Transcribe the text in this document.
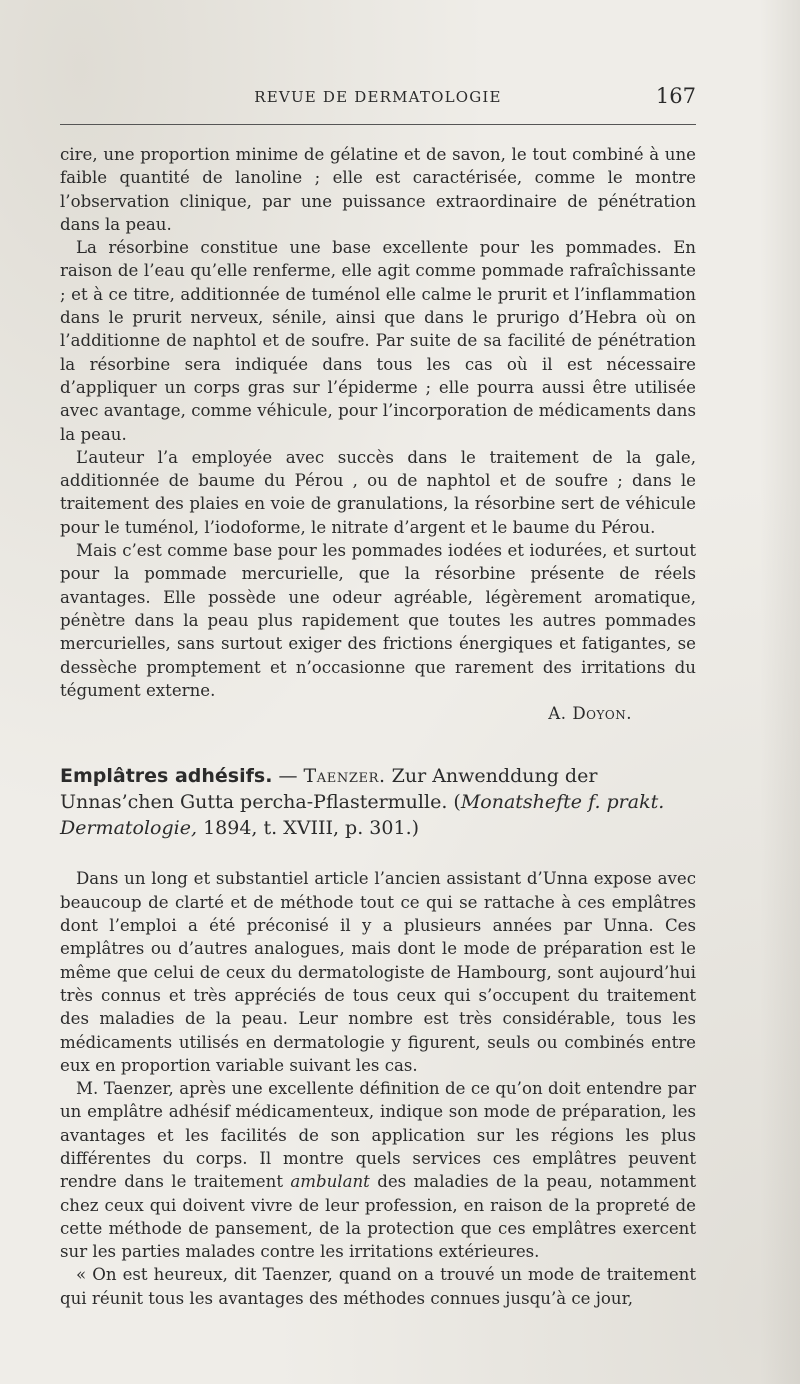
REVUE DE DERMATOLOGIE	167

cire, une proportion minime de gélatine et de savon, le tout combiné à une faible quantité de lanoline ; elle est caractérisée, comme le montre l’observation clinique, par une puissance extraordinaire de pénétration dans la peau.

La résorbine constitue une base excellente pour les pommades. En raison de l’eau qu’elle renferme, elle agit comme pommade rafraîchissante ; et à ce titre, additionnée de tuménol elle calme le prurit et l’inflammation dans le prurit nerveux, sénile, ainsi que dans le prurigo d’Hebra où on l’additionne de naphtol et de soufre. Par suite de sa facilité de pénétration la résorbine sera indiquée dans tous les cas où il est nécessaire d’appliquer un corps gras sur l’épiderme ; elle pourra aussi être utilisée avec avantage, comme véhicule, pour l’incorporation de médicaments dans la peau.

L’auteur l’a employée avec succès dans le traitement de la gale, additionnée de baume du Pérou , ou de naphtol et de soufre ; dans le traitement des plaies en voie de granulations, la résorbine sert de véhicule pour le tuménol, l’iodoforme, le nitrate d’argent et le baume du Pérou.

Mais c’est comme base pour les pommades iodées et iodurées, et surtout pour la pommade mercurielle, que la résorbine présente de réels avantages. Elle possède une odeur agréable, légèrement aromatique, pénètre dans la peau plus rapidement que toutes les autres pommades mercurielles, sans surtout exiger des frictions énergiques et fatigantes, se dessèche promptement et n’occasionne que rarement des irritations du tégument externe.

A. Doyon.

Emplâtres adhésifs. — Taenzer. Zur Anwenddung der Unnas’chen Gutta percha-Pflastermulle. (Monatshefte f. prakt. Dermatologie, 1894, t. XVIII, p. 301.)

Dans un long et substantiel article l’ancien assistant d’Unna expose avec beaucoup de clarté et de méthode tout ce qui se rattache à ces emplâtres dont l’emploi a été préconisé il y a plusieurs années par Unna. Ces emplâtres ou d’autres analogues, mais dont le mode de préparation est le même que celui de ceux du dermatologiste de Hambourg, sont aujourd’hui très connus et très appréciés de tous ceux qui s’occupent du traitement des maladies de la peau. Leur nombre est très considérable, tous les médicaments utilisés en dermatologie y figurent, seuls ou combinés entre eux en proportion variable suivant les cas.

M. Taenzer, après une excellente définition de ce qu’on doit entendre par un emplâtre adhésif médicamenteux, indique son mode de préparation, les avantages et les facilités de son application sur les régions les plus différentes du corps. Il montre quels services ces emplâtres peuvent rendre dans le traitement ambulant des maladies de la peau, notamment chez ceux qui doivent vivre de leur profession, en raison de la propreté de cette méthode de pansement, de la protection que ces emplâtres exercent sur les parties malades contre les irritations extérieures.

« On est heureux, dit Taenzer, quand on a trouvé un mode de traitement qui réunit tous les avantages des méthodes connues jusqu’à ce jour,
